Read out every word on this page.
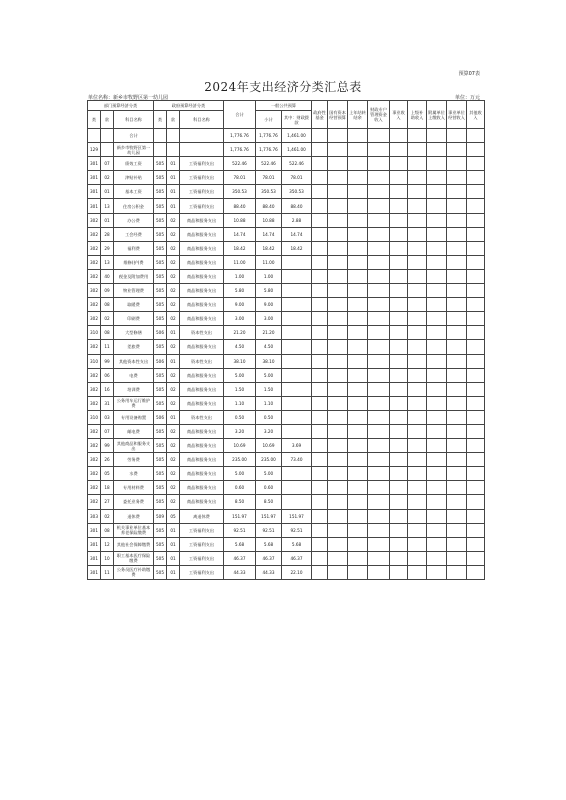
预算07表
2024年支出经济分类汇总表
单位名称：新乡市牧野区第一幼儿园	单位：万元
部门预算经济分类			政府预算经济分类			合计	一般公共预算		政府性基金	国有资本经营预算	上年结转结余	财政专户管理资金收入	事业收入	上级补助收入	附属单位上缴收入	事业单位经营收入	其他收入
类	款	科目名称	类	款	科目名称		小计	其中：财政拨款									
		合计				1,776.76	1,776.76	1,461.00									
129		新乡市牧野区第一幼儿园				1,776.76	1,776.76	1,461.00									
301	07	绩效工资	505	01	工资福利支出	522.46	522.46	522.46									
301	02	津贴补贴	505	01	工资福利支出	78.01	78.01	78.01									
301	01	基本工资	505	01	工资福利支出	350.53	350.53	350.53									
301	13	住房公积金	505	01	工资福利支出	88.40	88.40	88.40									
302	01	办公费	505	02	商品和服务支出	10.88	10.88	2.88									
302	28	工会经费	505	02	商品和服务支出	14.74	14.74	14.74									
302	29	福利费	505	02	商品和服务支出	18.42	18.42	18.42									
302	13	维修(护)费	505	02	商品和服务支出	11.00	11.00										
302	40	税金及附加费用	505	02	商品和服务支出	1.00	1.00										
302	09	物业管理费	505	02	商品和服务支出	5.80	5.80										
302	08	取暖费	505	02	商品和服务支出	9.00	9.00										
302	02	印刷费	505	02	商品和服务支出	3.00	3.00										
310	08	大型修缮	506	01	资本性支出	21.20	21.20										
302	11	差旅费	505	02	商品和服务支出	4.50	4.50										
310	99	其他资本性支出	506	01	资本性支出	38.10	38.10										
302	06	电费	505	02	商品和服务支出	5.00	5.00										
302	16	培训费	505	02	商品和服务支出	1.50	1.50										
302	31	公务用车运行维护费	505	02	商品和服务支出	1.10	1.10										
310	03	专用设备购置	506	01	资本性支出	0.50	0.50										
302	07	邮电费	505	02	商品和服务支出	3.20	3.20										
302	99	其他商品和服务支出	505	02	商品和服务支出	10.69	10.69	3.69									
302	26	劳务费	505	02	商品和服务支出	235.00	235.00	73.40									
302	05	水费	505	02	商品和服务支出	5.00	5.00										
302	18	专用材料费	505	02	商品和服务支出	0.60	0.60										
302	27	委托业务费	505	02	商品和服务支出	8.50	8.50										
303	02	退休费	509	05	离退休费	151.97	151.97	151.97									
301	08	机关事业单位基本养老保险缴费	505	01	工资福利支出	92.51	92.51	92.51									
301	12	其他社会保障缴费	505	01	工资福利支出	5.68	5.68	5.68									
301	10	职工基本医疗保险缴费	505	01	工资福利支出	46.37	46.37	46.37									
301	11	公务员医疗补助缴费	505	01	工资福利支出	44.33	44.33	22.10									
